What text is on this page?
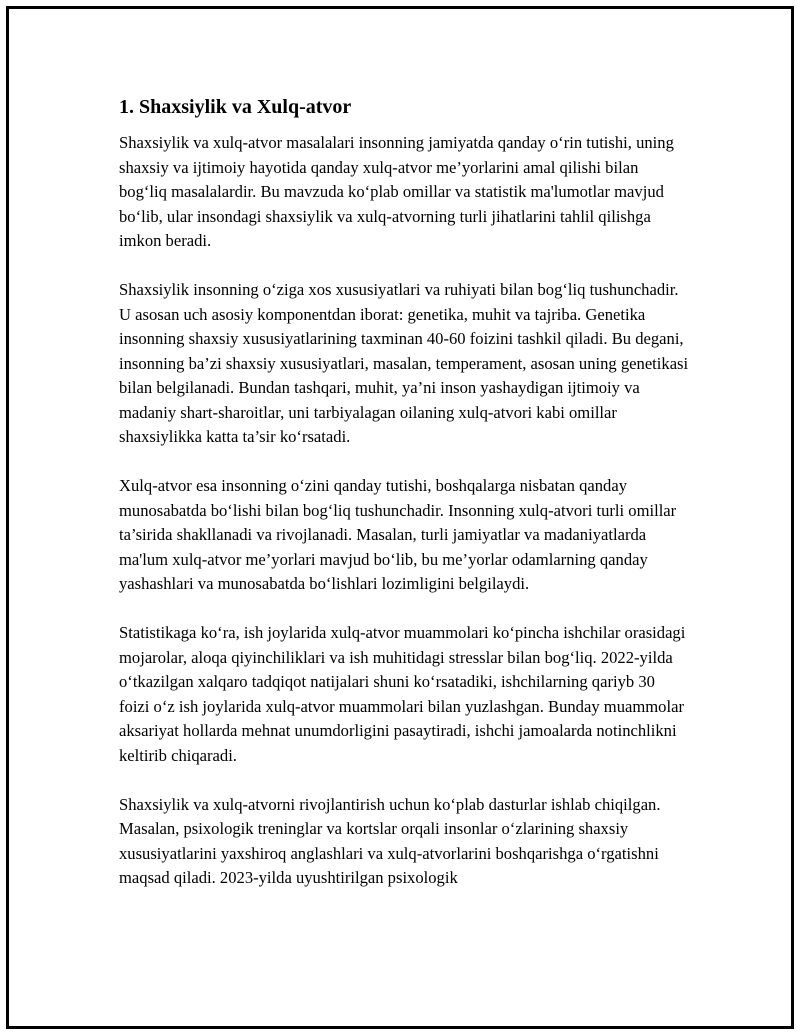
1. Shaxsiylik va Xulq-atvor

Shaxsiylik va xulq-atvor masalalari insonning jamiyatda qanday o‘rin tutishi, uning shaxsiy va ijtimoiy hayotida qanday xulq-atvor me’yorlarini amal qilishi bilan bog‘liq masalalardir. Bu mavzuda ko‘plab omillar va statistik ma'lumotlar mavjud bo‘lib, ular insondagi shaxsiylik va xulq-atvorning turli jihatlarini tahlil qilishga imkon beradi.

Shaxsiylik insonning o‘ziga xos xususiyatlari va ruhiyati bilan bog‘liq tushunchadir. U asosan uch asosiy komponentdan iborat: genetika, muhit va tajriba. Genetika insonning shaxsiy xususiyatlarining taxminan 40-60 foizini tashkil qiladi. Bu degani, insonning ba’zi shaxsiy xususiyatlari, masalan, temperament, asosan uning genetikasi bilan belgilanadi. Bundan tashqari, muhit, ya’ni inson yashaydigan ijtimoiy va madaniy shart-sharoitlar, uni tarbiyalagan oilaning xulq-atvori kabi omillar shaxsiylikka katta ta’sir ko‘rsatadi.

Xulq-atvor esa insonning o‘zini qanday tutishi, boshqalarga nisbatan qanday munosabatda bo‘lishi bilan bog‘liq tushunchadir. Insonning xulq-atvori turli omillar ta’sirida shakllanadi va rivojlanadi. Masalan, turli jamiyatlar va madaniyatlarda ma'lum xulq-atvor me’yorlari mavjud bo‘lib, bu me’yorlar odamlarning qanday yashashlari va munosabatda bo‘lishlari lozimligini belgilaydi.

Statistikaga ko‘ra, ish joylarida xulq-atvor muammolari ko‘pincha ishchilar orasidagi mojarolar, aloqa qiyinchiliklari va ish muhitidagi stresslar bilan bog‘liq. 2022-yilda o‘tkazilgan xalqaro tadqiqot natijalari shuni ko‘rsatadiki, ishchilarning qariyb 30 foizi o‘z ish joylarida xulq-atvor muammolari bilan yuzlashgan. Bunday muammolar aksariyat hollarda mehnat unumdorligini pasaytiradi, ishchi jamoalarda notinchlikni keltirib chiqaradi.

Shaxsiylik va xulq-atvorni rivojlantirish uchun ko‘plab dasturlar ishlab chiqilgan. Masalan, psixologik treninglar va kortslar orqali insonlar o‘zlarining shaxsiy xususiyatlarini yaxshiroq anglashlari va xulq-atvorlarini boshqarishga o‘rgatishni maqsad qiladi. 2023-yilda uyushtirilgan psixologik
